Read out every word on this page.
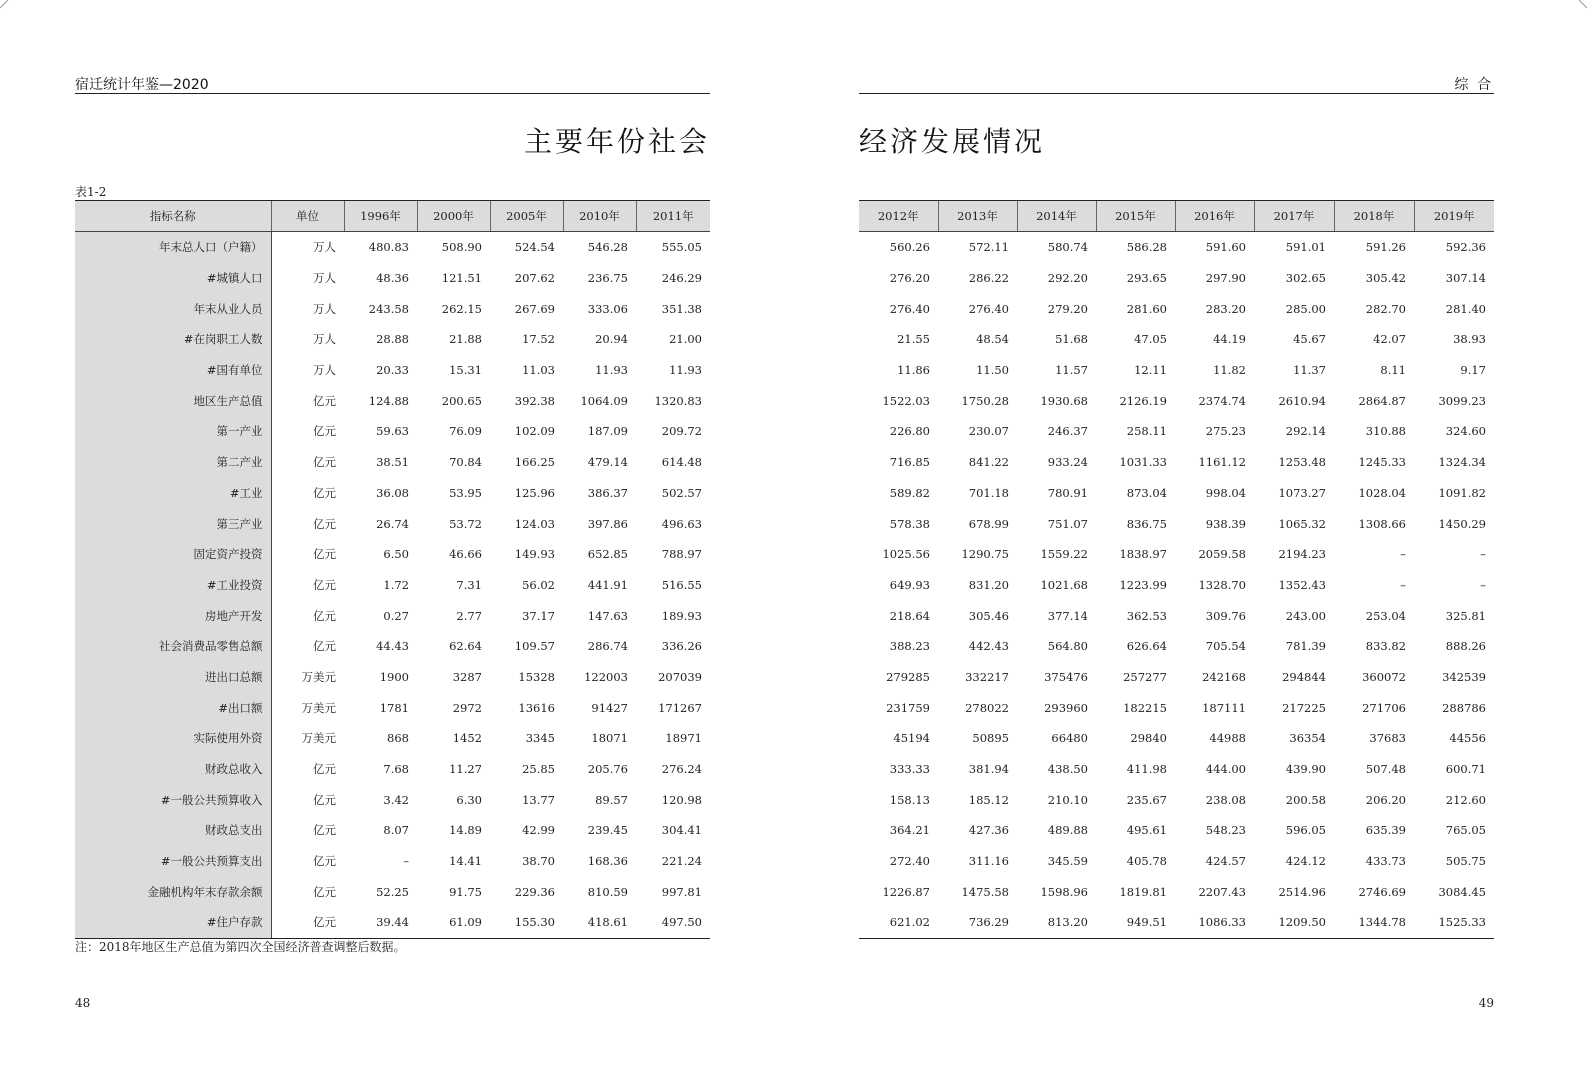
宿迁统计年鉴—2020
主要年份社会
表1-2
指标名称	单位	1996年	2000年	2005年	2010年	2011年
年末总人口（户籍）	万人	480.83	508.90	524.54	546.28	555.05
#城镇人口	万人	48.36	121.51	207.62	236.75	246.29
年末从业人员	万人	243.58	262.15	267.69	333.06	351.38
#在岗职工人数	万人	28.88	21.88	17.52	20.94	21.00
#国有单位	万人	20.33	15.31	11.03	11.93	11.93
地区生产总值	亿元	124.88	200.65	392.38	1064.09	1320.83
第一产业	亿元	59.63	76.09	102.09	187.09	209.72
第二产业	亿元	38.51	70.84	166.25	479.14	614.48
#工业	亿元	36.08	53.95	125.96	386.37	502.57
第三产业	亿元	26.74	53.72	124.03	397.86	496.63
固定资产投资	亿元	6.50	46.66	149.93	652.85	788.97
#工业投资	亿元	1.72	7.31	56.02	441.91	516.55
房地产开发	亿元	0.27	2.77	37.17	147.63	189.93
社会消费品零售总额	亿元	44.43	62.64	109.57	286.74	336.26
进出口总额	万美元	1900	3287	15328	122003	207039
#出口额	万美元	1781	2972	13616	91427	171267
实际使用外资	万美元	868	1452	3345	18071	18971
财政总收入	亿元	7.68	11.27	25.85	205.76	276.24
#一般公共预算收入	亿元	3.42	6.30	13.77	89.57	120.98
财政总支出	亿元	8.07	14.89	42.99	239.45	304.41
#一般公共预算支出	亿元	–	14.41	38.70	168.36	221.24
金融机构年末存款余额	亿元	52.25	91.75	229.36	810.59	997.81
#住户存款	亿元	39.44	61.09	155.30	418.61	497.50
注：2018年地区生产总值为第四次全国经济普查调整后数据。
48
综 合
经济发展情况
2012年	2013年	2014年	2015年	2016年	2017年	2018年	2019年
560.26	572.11	580.74	586.28	591.60	591.01	591.26	592.36
276.20	286.22	292.20	293.65	297.90	302.65	305.42	307.14
276.40	276.40	279.20	281.60	283.20	285.00	282.70	281.40
21.55	48.54	51.68	47.05	44.19	45.67	42.07	38.93
11.86	11.50	11.57	12.11	11.82	11.37	8.11	9.17
1522.03	1750.28	1930.68	2126.19	2374.74	2610.94	2864.87	3099.23
226.80	230.07	246.37	258.11	275.23	292.14	310.88	324.60
716.85	841.22	933.24	1031.33	1161.12	1253.48	1245.33	1324.34
589.82	701.18	780.91	873.04	998.04	1073.27	1028.04	1091.82
578.38	678.99	751.07	836.75	938.39	1065.32	1308.66	1450.29
1025.56	1290.75	1559.22	1838.97	2059.58	2194.23	–	–
649.93	831.20	1021.68	1223.99	1328.70	1352.43	–	–
218.64	305.46	377.14	362.53	309.76	243.00	253.04	325.81
388.23	442.43	564.80	626.64	705.54	781.39	833.82	888.26
279285	332217	375476	257277	242168	294844	360072	342539
231759	278022	293960	182215	187111	217225	271706	288786
45194	50895	66480	29840	44988	36354	37683	44556
333.33	381.94	438.50	411.98	444.00	439.90	507.48	600.71
158.13	185.12	210.10	235.67	238.08	200.58	206.20	212.60
364.21	427.36	489.88	495.61	548.23	596.05	635.39	765.05
272.40	311.16	345.59	405.78	424.57	424.12	433.73	505.75
1226.87	1475.58	1598.96	1819.81	2207.43	2514.96	2746.69	3084.45
621.02	736.29	813.20	949.51	1086.33	1209.50	1344.78	1525.33
49
